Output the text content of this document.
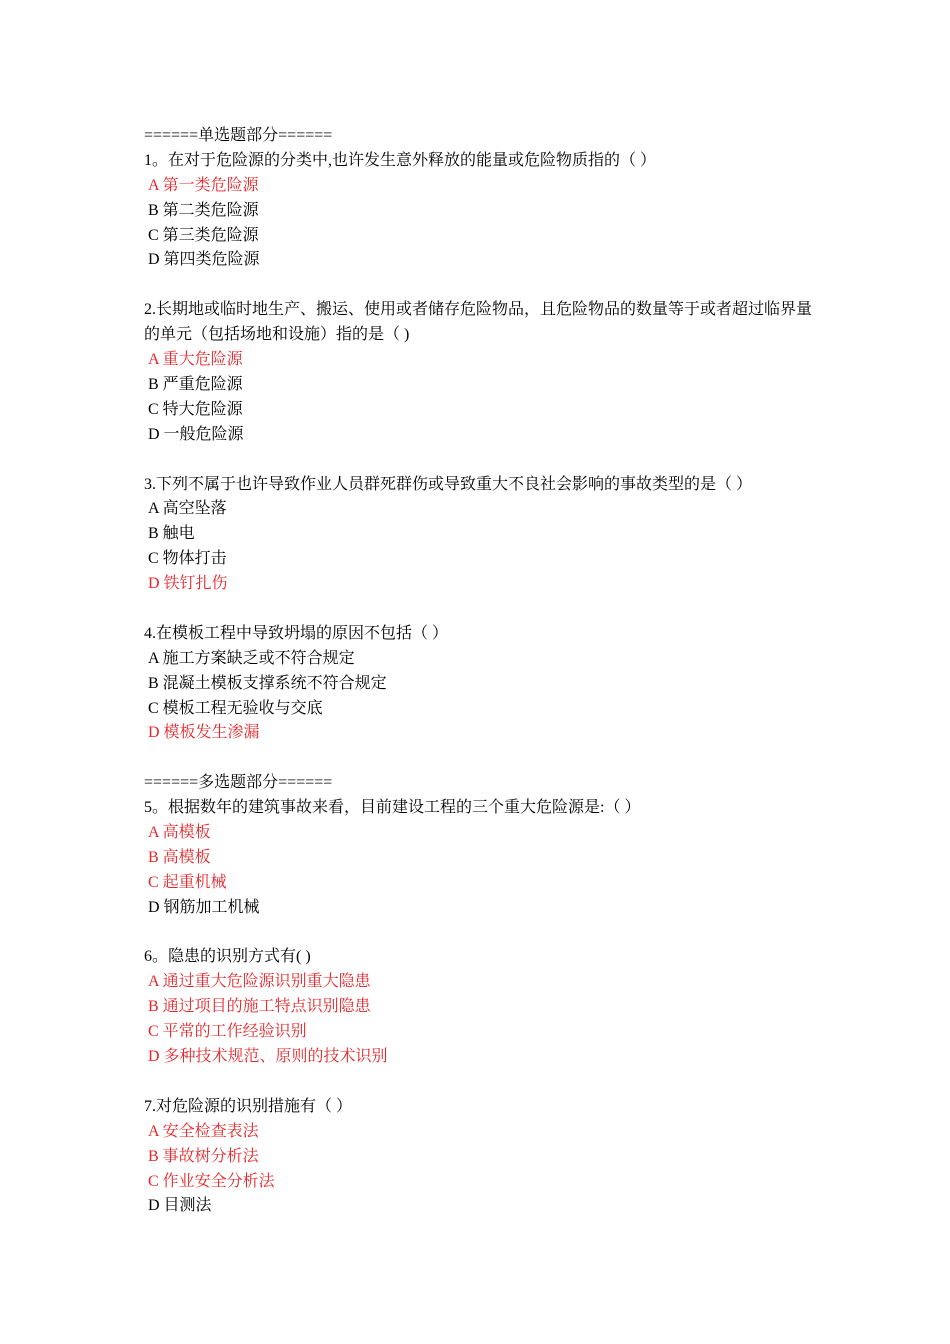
======单选题部分======
1。在对于危险源的分类中,也许发生意外释放的能量或危险物质指的（ ）
A 第一类危险源
B 第二类危险源
C 第三类危险源
D 第四类危险源
2.长期地或临时地生产、搬运、使用或者储存危险物品，且危险物品的数量等于或者超过临界量的单元（包括场地和设施）指的是（ )
A 重大危险源
B 严重危险源
C 特大危险源
D 一般危险源
3.下列不属于也许导致作业人员群死群伤或导致重大不良社会影响的事故类型的是（ ）
A 高空坠落
B 触电
C 物体打击
D 铁钉扎伤
4.在模板工程中导致坍塌的原因不包括（ ）
A 施工方案缺乏或不符合规定
B 混凝土模板支撑系统不符合规定
C 模板工程无验收与交底
D 模板发生渗漏
======多选题部分======
5。根据数年的建筑事故来看，目前建设工程的三个重大危险源是:（ ）
A 高模板
B 高模板
C 起重机械
D 钢筋加工机械
6。隐患的识别方式有( )
A 通过重大危险源识别重大隐患
B 通过项目的施工特点识别隐患
C 平常的工作经验识别
D 多种技术规范、原则的技术识别
7.对危险源的识别措施有（ ）
A 安全检查表法
B 事故树分析法
C 作业安全分析法
D 目测法
